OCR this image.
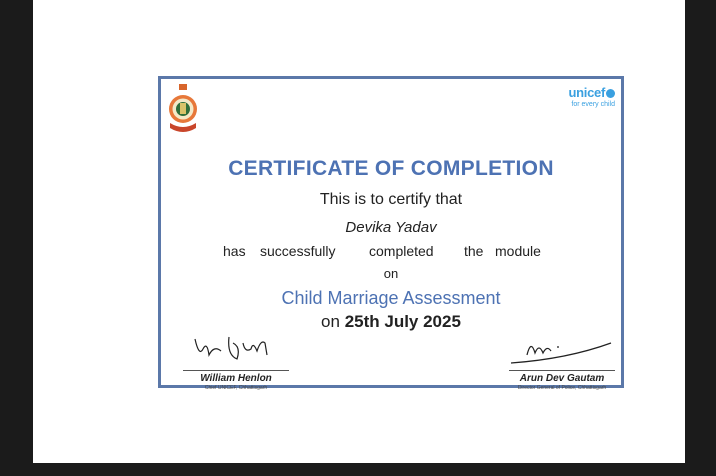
unicef
for every child
CERTIFICATE OF COMPLETION
This is to certify that
Devika Yadav
has successfully completed the module
on
Child Marriage Assessment
on 25th July 2025
William Henlon
Chief UNICEF, Chhattisgarh
Arun Dev Gautam
Director General of Police, Chhattisgarh
